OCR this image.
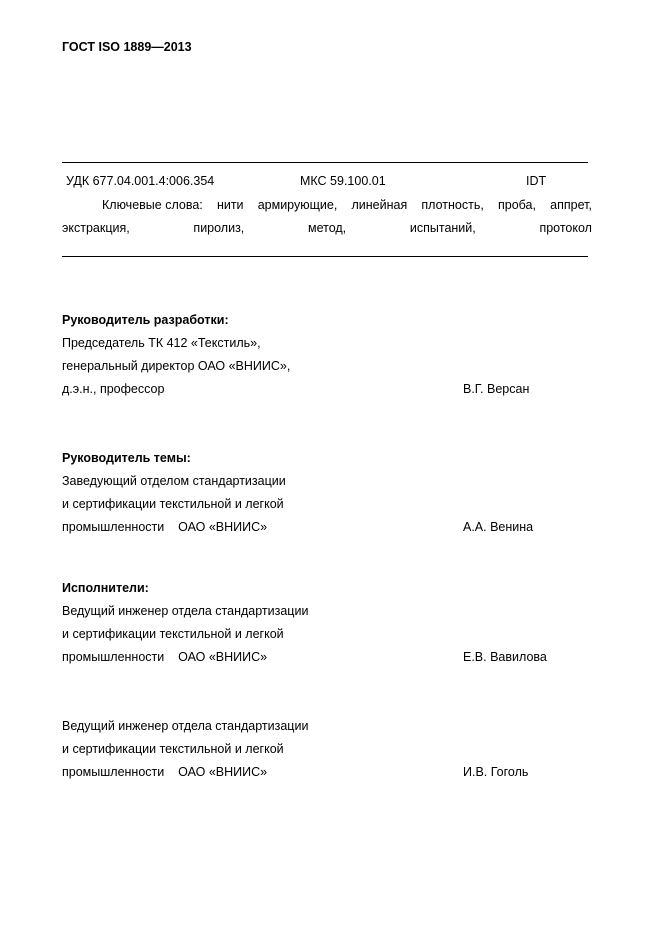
ГОСТ ISO 1889—2013
УДК 677.04.001.4:006.354	МКС 59.100.01	IDT
Ключевые слова: нити армирующие, линейная плотность, проба, аппрет,
экстракция,	пиролиз,	метод,	испытаний,	протокол
Руководитель разработки:
Председатель ТК 412 «Текстиль»,
генеральный директор ОАО «ВНИИС»,
д.э.н., профессор	В.Г. Версан
Руководитель темы:
Заведующий отделом стандартизации
и сертификации текстильной и легкой
промышленности    ОАО «ВНИИС»	А.А. Венина
Исполнители:
Ведущий инженер отдела стандартизации
и сертификации текстильной и легкой
промышленности    ОАО «ВНИИС»	Е.В. Вавилова
Ведущий инженер отдела стандартизации
и сертификации текстильной и легкой
промышленности    ОАО «ВНИИС»	И.В. Гоголь
